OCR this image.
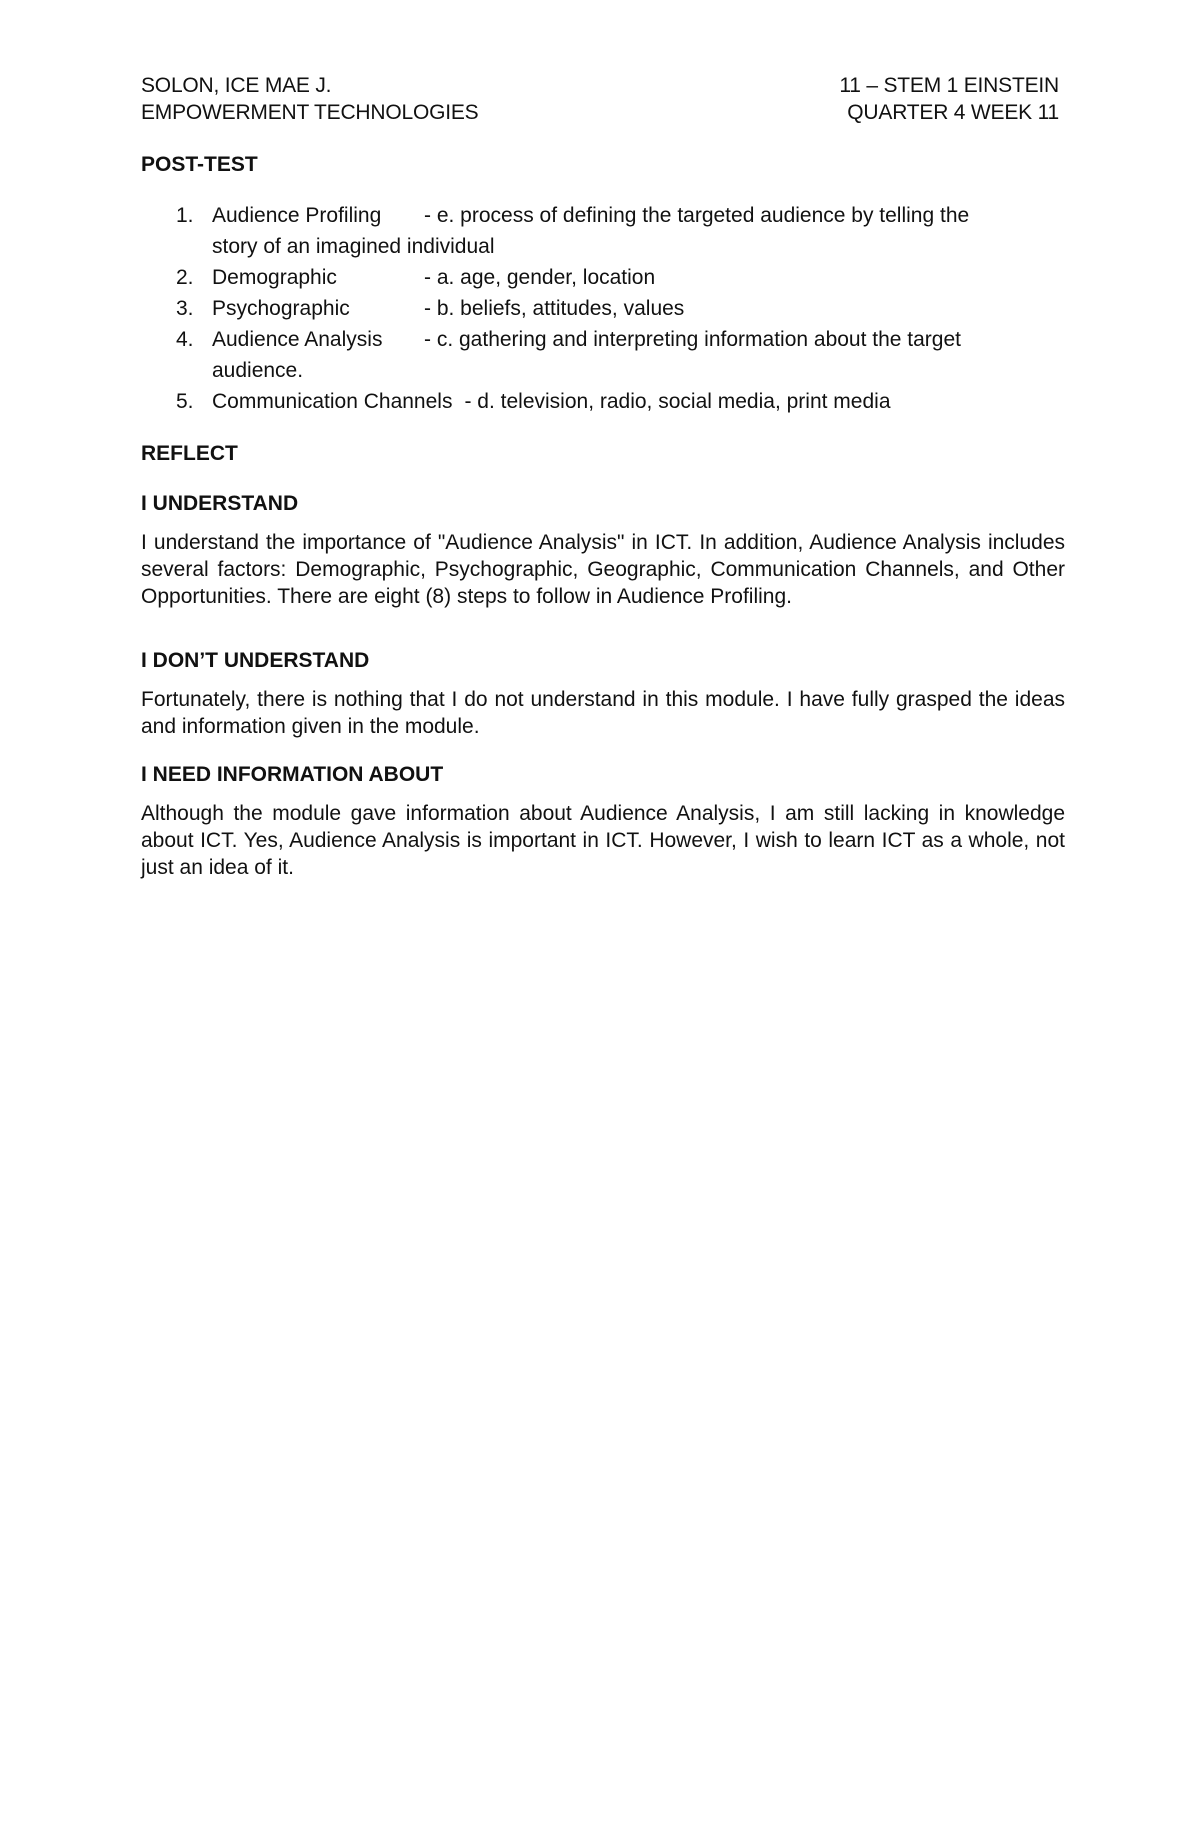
SOLON, ICE MAE J.
EMPOWERMENT TECHNOLOGIES
11 – STEM 1 EINSTEIN
QUARTER 4 WEEK 11
POST-TEST
1. Audience Profiling - e. process of defining the targeted audience by telling the
story of an imagined individual
2. Demographic	- a. age, gender, location
3. Psychographic	- b. beliefs, attitudes, values
4. Audience Analysis - c. gathering and interpreting information about the target
audience.
5. Communication Channels - d. television, radio, social media, print media
REFLECT
I UNDERSTAND

I understand the importance of "Audience Analysis" in ICT. In addition, Audience Analysis includes several factors: Demographic, Psychographic, Geographic, Communication Channels, and Other Opportunities. There are eight (8) steps to follow in Audience Profiling.

I DON’T UNDERSTAND

Fortunately, there is nothing that I do not understand in this module. I have fully grasped the ideas and information given in the module.

I NEED INFORMATION ABOUT

Although the module gave information about Audience Analysis, I am still lacking in knowledge about ICT. Yes, Audience Analysis is important in ICT. However, I wish to learn ICT as a whole, not just an idea of it.
